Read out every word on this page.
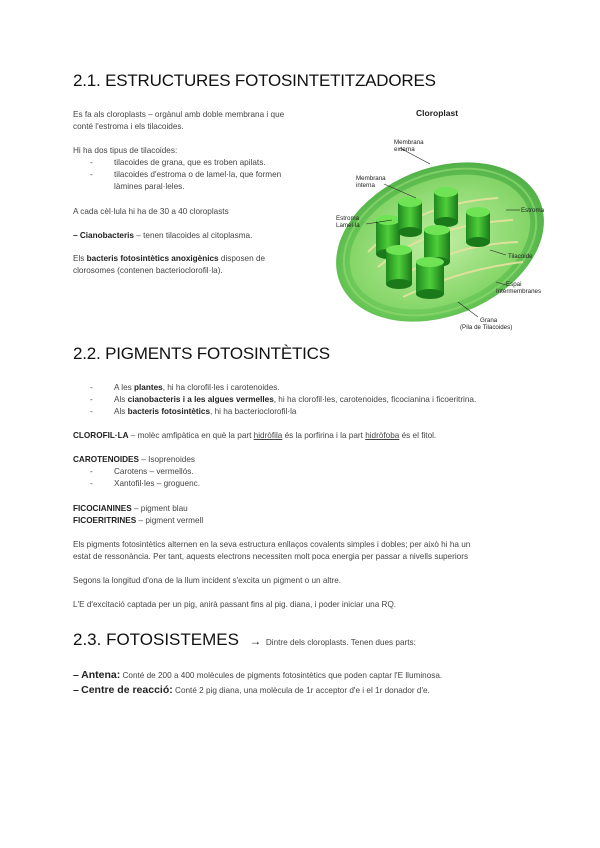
2.1. ESTRUCTURES FOTOSINTETITZADORES
Es fa als cloroplasts – orgànul amb doble membrana i que
conté l'estroma i els tilacoides.
Hi ha dos tipus de tilacoides:
-	tilacoides de grana, que es troben apilats.
-	tilacoides d'estroma o de lamel·la, que formen
làmines paral·leles.
A cada cèl·lula hi ha de 30 a 40 cloroplasts
– Cianobacteris – tenen tilacoides al citoplasma.
Els bacteris fotosintètics anoxigènics disposen de
clorosomes (contenen bacterioclorofil·la).
Cloroplast
Membrana
externa
Membrana
interna
Estroma
Lamel·la
Estroma
Tilacoide
Espai
Intermembranes
Grana
(Pila de Tilacoides)
2.2. PIGMENTS FOTOSINTÈTICS
-	A les plantes, hi ha clorofil·les i carotenoides.
-	Als cianobacteris i a les algues vermelles, hi ha clorofil·les, carotenoides, ficocianina i ficoeritrina.
-	Als bacteris fotosintètics, hi ha bacterioclorofil·la
CLOROFIL·LA – molèc amfipàtica en què la part hidròfila és la porfirina i la part hidròfoba és el fitol.
CAROTENOIDES – Isoprenoides
-	Carotens – vermellós.
-	Xantofil·les – groguenc.
FICOCIANINES – pigment blau
FICOERITRINES – pigment vermell
Els pigments fotosintètics alternen en la seva estructura enllaços covalents simples i dobles; per això hi ha un
estat de ressonància. Per tant, aquests electrons necessiten molt poca energia per passar a nivells superiors
Segons la longitud d'ona de la llum incident s'excita un pigment o un altre.
L'E d'excitació captada per un pig, anirà passant fins al pig. diana, i poder iniciar una RQ.
2.3. FOTOSISTEMES → Dintre dels cloroplasts. Tenen dues parts:
– Antena: Conté de 200 a 400 molècules de pigments fotosintètics que poden captar l'E lluminosa.
– Centre de reacció: Conté 2 pig diana, una molècula de 1r acceptor d'e i el 1r donador d'e.
